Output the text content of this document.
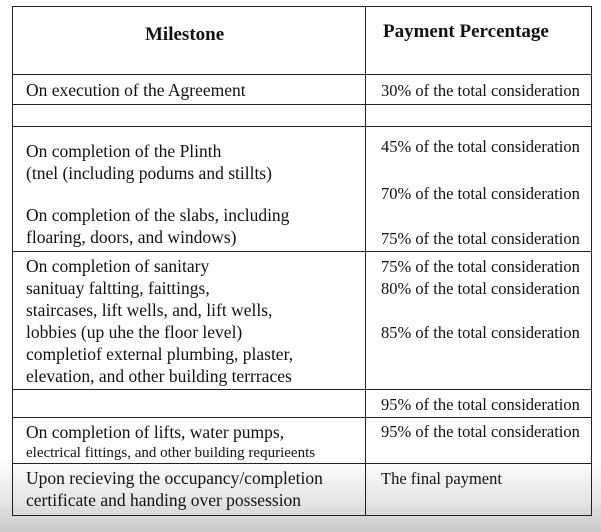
Milestone	Payment Percentage
On execution of the Agreement	30% of the total consideration
On completion of the Plinth
(tnel (including podums and stillts)
On completion of the slabs, including
floaring, doors, and windows)
45% of the total consideration
70% of the total consideration
75% of the total consideration
On completion of sanitary
sanituay faltting, faittings,
staircases, lift wells, and, lift wells,
lobbies (up uhe the floor level)
completiof external plumbing, plaster,
elevation, and other building terrraces
75% of the total consideration
80% of the total consideration
85% of the total consideration
95% of the total consideration
On completion of lifts, water pumps,
electrical fittings, and other building requrieents
95% of the total consideration
Upon recieving the occupancy/completion
certificate and handing over possession
The final payment
